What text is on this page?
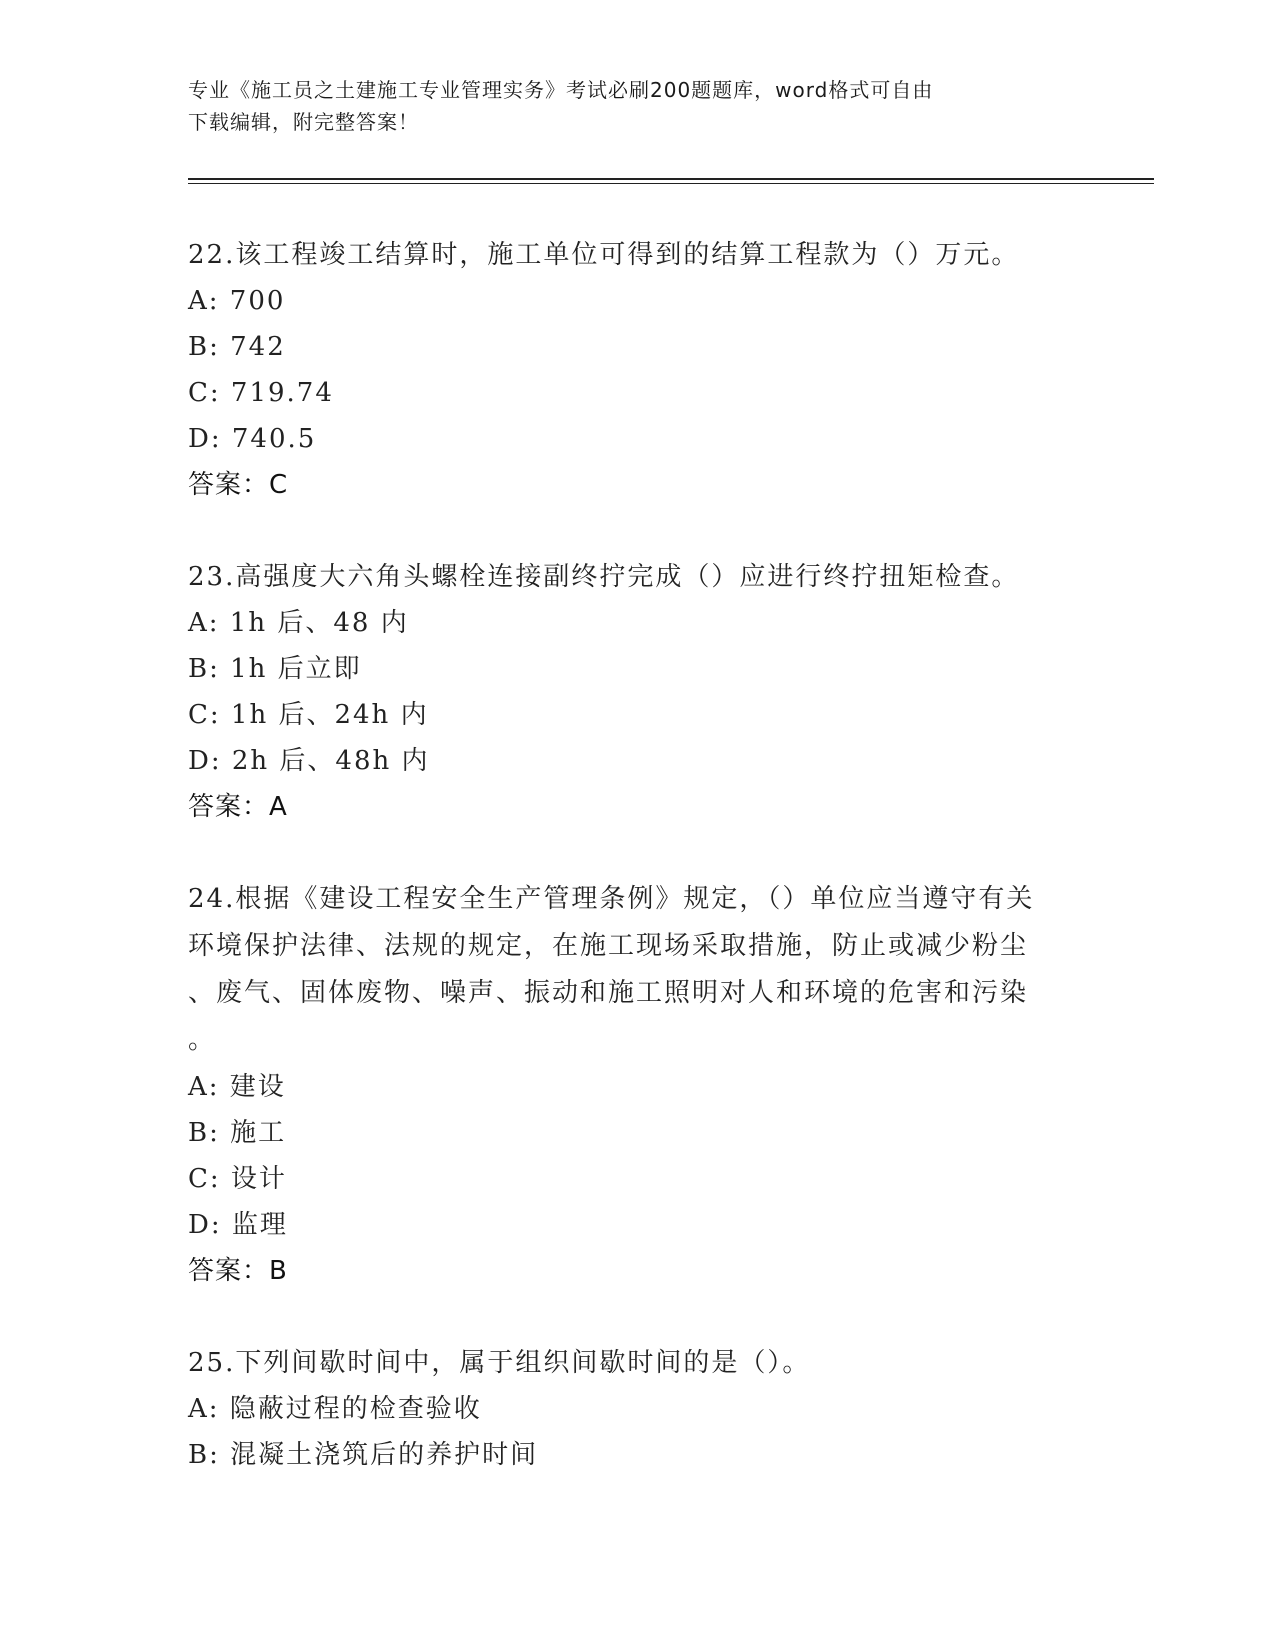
专业《施工员之土建施工专业管理实务》考试必刷200题题库，word格式可自由
下载编辑，附完整答案！
22.该工程竣工结算时，施工单位可得到的结算工程款为（）万元。
A: 700
B: 742
C: 719.74
D: 740.5
答案：C
23.高强度大六角头螺栓连接副终拧完成（）应进行终拧扭矩检查。
A: 1h 后、48 内
B: 1h 后立即
C: 1h 后、24h 内
D: 2h 后、48h 内
答案：A
24.根据《建设工程安全生产管理条例》规定，（）单位应当遵守有关
环境保护法律、法规的规定，在施工现场采取措施，防止或减少粉尘
、废气、固体废物、噪声、振动和施工照明对人和环境的危害和污染
。
A: 建设
B: 施工
C: 设计
D: 监理
答案：B
25.下列间歇时间中，属于组织间歇时间的是（）。
A: 隐蔽过程的检查验收
B: 混凝土浇筑后的养护时间
